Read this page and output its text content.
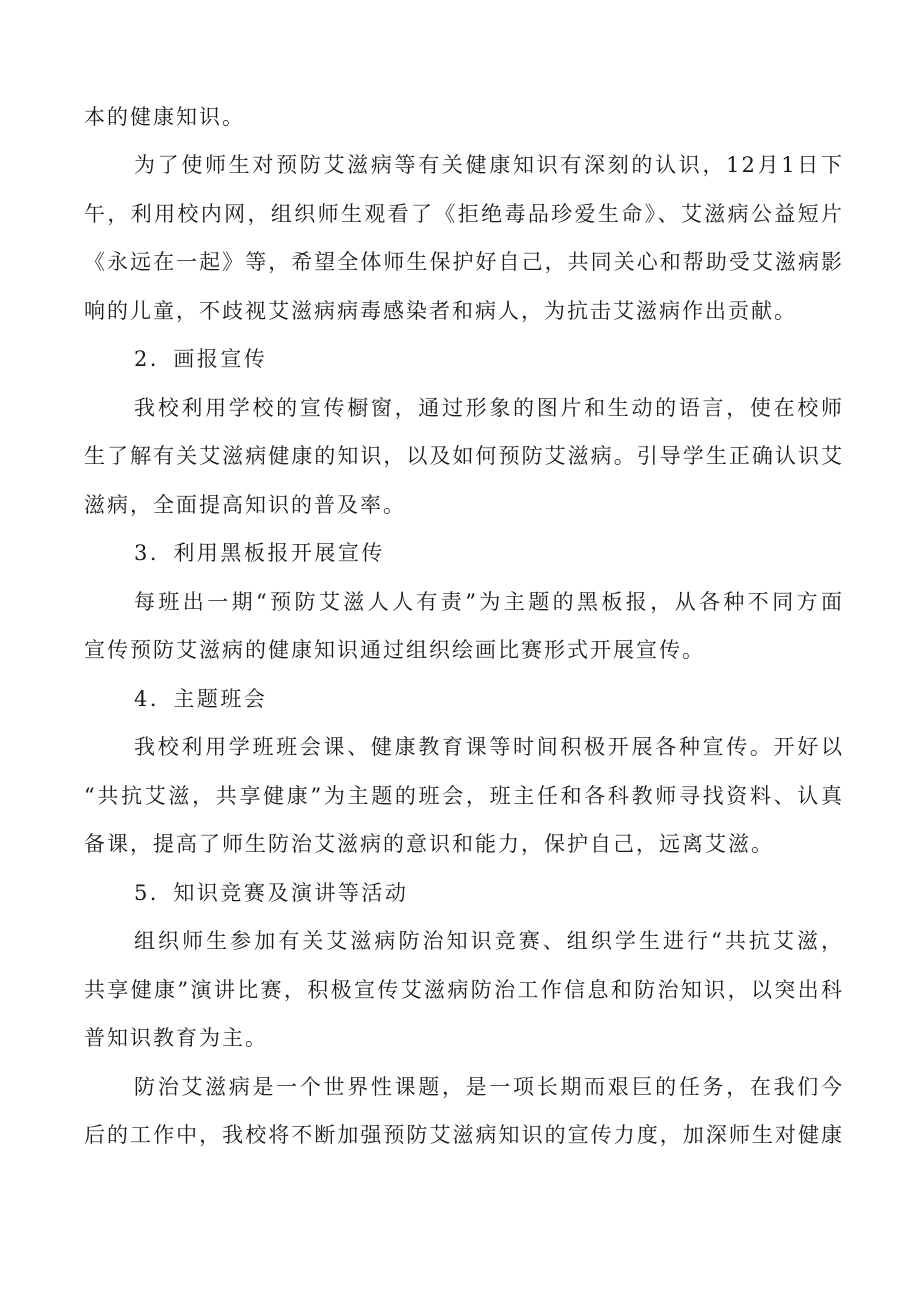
本的健康知识。
为了使师生对预防艾滋病等有关健康知识有深刻的认识，12月1日下
午，利用校内网，组织师生观看了《拒绝毒品珍爱生命》、艾滋病公益短片
《永远在一起》等，希望全体师生保护好自己，共同关心和帮助受艾滋病影
响的儿童，不歧视艾滋病病毒感染者和病人，为抗击艾滋病作出贡献。
2．画报宣传
我校利用学校的宣传橱窗，通过形象的图片和生动的语言，使在校师
生了解有关艾滋病健康的知识，以及如何预防艾滋病。引导学生正确认识艾
滋病，全面提高知识的普及率。
3．利用黑板报开展宣传
每班出一期“预防艾滋人人有责”为主题的黑板报，从各种不同方面
宣传预防艾滋病的健康知识通过组织绘画比赛形式开展宣传。
4．主题班会
我校利用学班班会课、健康教育课等时间积极开展各种宣传。开好以
“共抗艾滋，共享健康”为主题的班会，班主任和各科教师寻找资料、认真
备课，提高了师生防治艾滋病的意识和能力，保护自己，远离艾滋。
5．知识竞赛及演讲等活动
组织师生参加有关艾滋病防治知识竞赛、组织学生进行“共抗艾滋，
共享健康”演讲比赛，积极宣传艾滋病防治工作信息和防治知识，以突出科
普知识教育为主。
防治艾滋病是一个世界性课题，是一项长期而艰巨的任务，在我们今
后的工作中，我校将不断加强预防艾滋病知识的宣传力度，加深师生对健康
